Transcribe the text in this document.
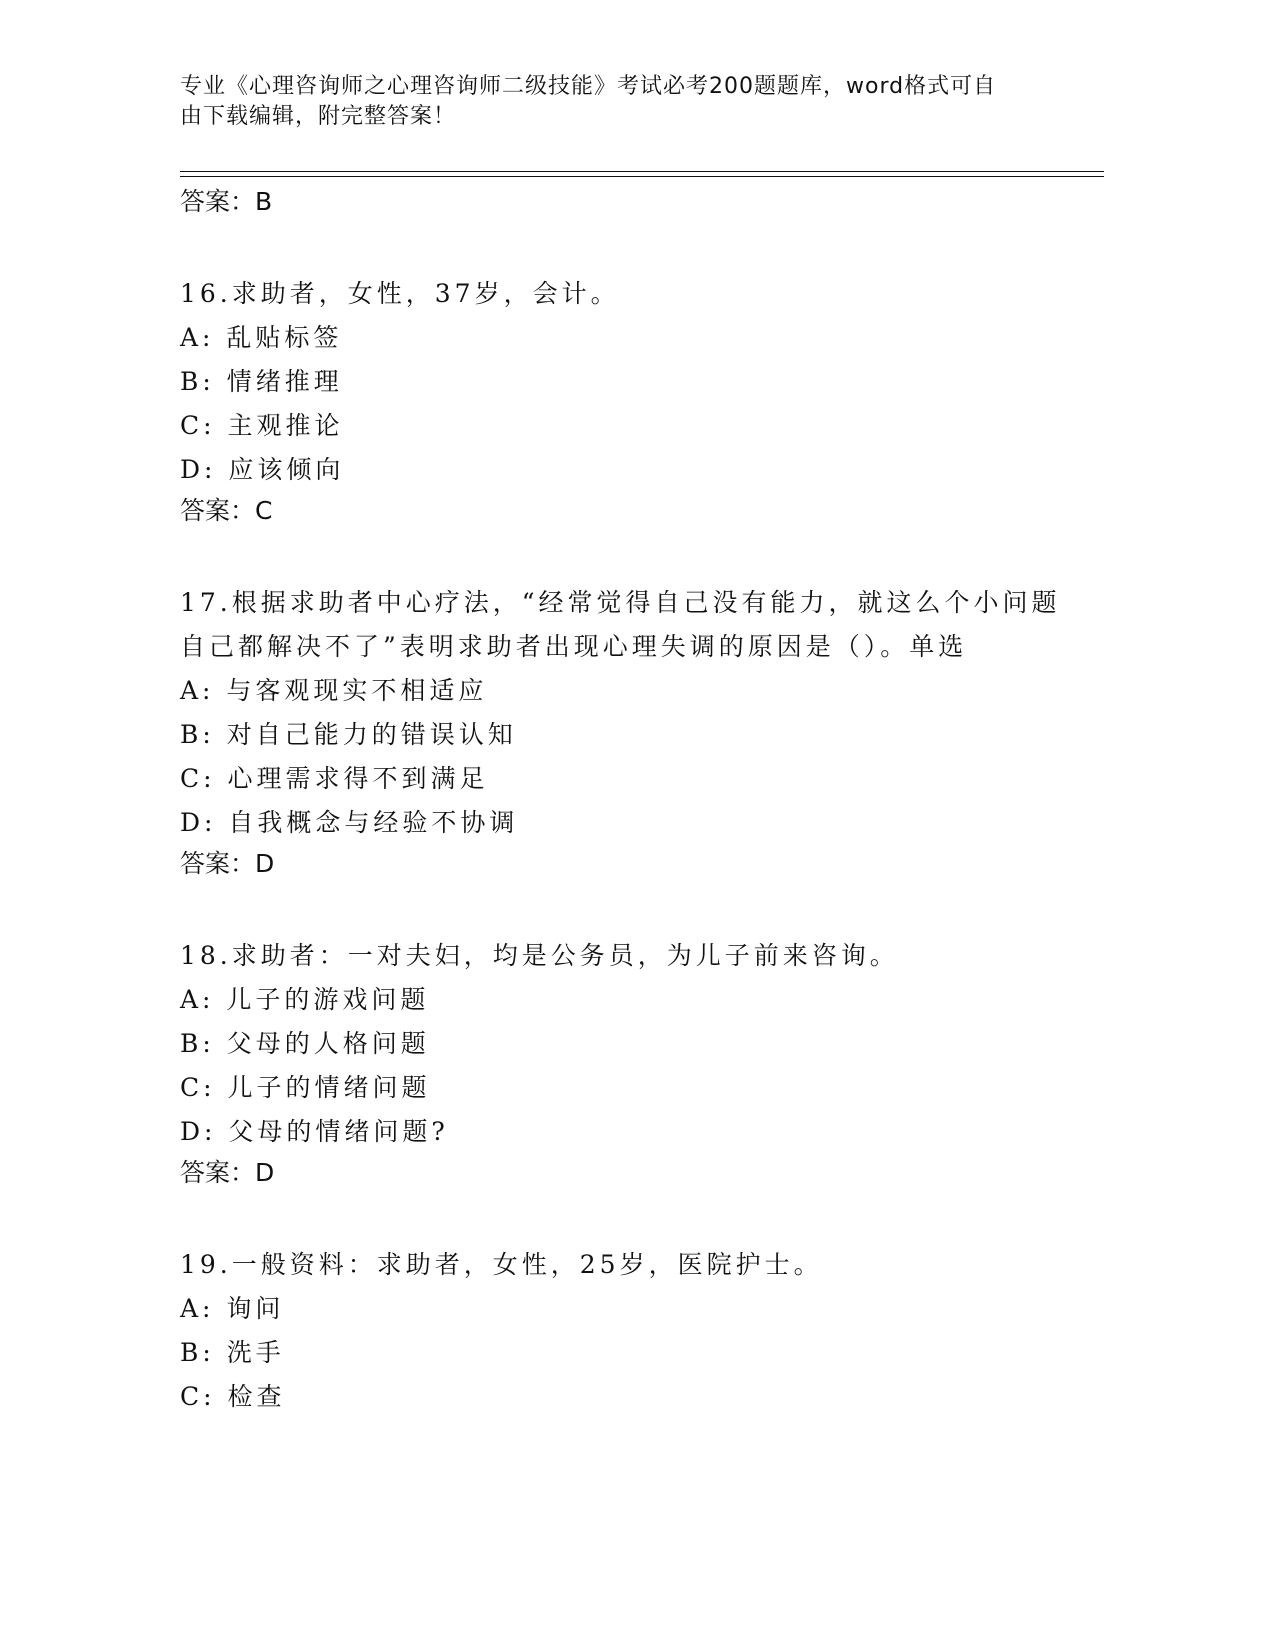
专业《心理咨询师之心理咨询师二级技能》考试必考200题题库，word格式可自
由下载编辑，附完整答案！
答案：B
16.求助者，女性，37岁，会计。
A: 乱贴标签
B: 情绪推理
C: 主观推论
D: 应该倾向
答案：C
17.根据求助者中心疗法，“经常觉得自己没有能力，就这么个小问题自己都解决不了”表明求助者出现心理失调的原因是（）。单选
A: 与客观现实不相适应
B: 对自己能力的错误认知
C: 心理需求得不到满足
D: 自我概念与经验不协调
答案：D
18.求助者：一对夫妇，均是公务员，为儿子前来咨询。
A: 儿子的游戏问题
B: 父母的人格问题
C: 儿子的情绪问题
D: 父母的情绪问题?
答案：D
19.一般资料：求助者，女性，25岁，医院护士。
A: 询问
B: 洗手
C: 检查
